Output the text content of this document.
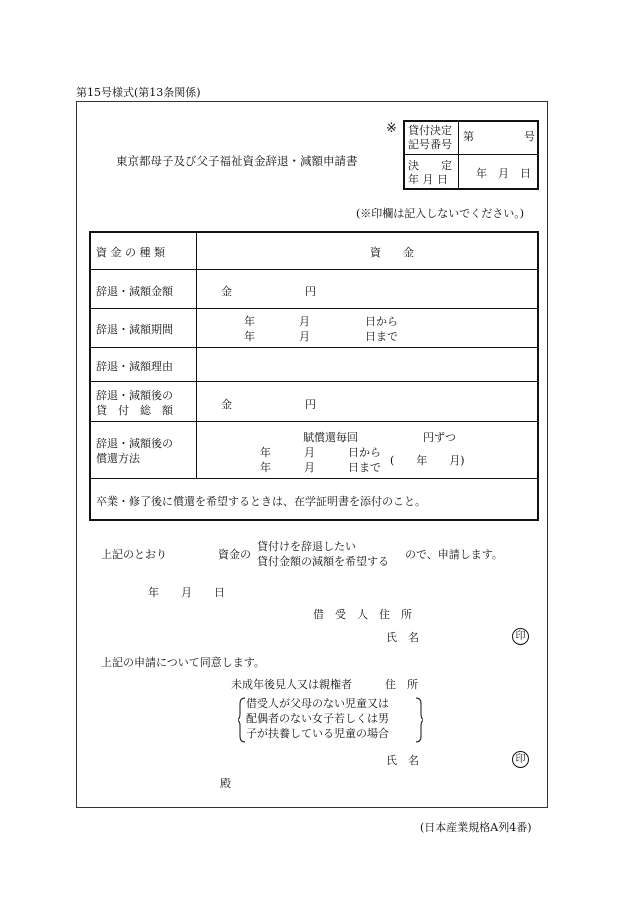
第15号様式(第13条関係)
※
東京都母子及び父子福祉資金辞退・減額申請書
貸付決定
記号番号
第	号
決　　定
年 月 日	年　月　日
(※印欄は記入しないでください。)
資 金 の 種 類	資　　金
辞退・減額金額	金	円
辞退・減額期間
年　　　　月　　　　　日から
年　　　　月　　　　　日まで
辞退・減額理由
辞退・減額後の
貸　付　総　額	金	円
辞退・減額後の
償還方法
賦償還毎回	円ずつ
年　　　月　　　日から
年　　　月　　　日まで
(　　年　　月)
卒業・修了後に償還を希望するときは、在学証明書を添付のこと。
上記のとおり	資金の
貸付けを辞退したい
貸付金額の減額を希望する
ので、申請します。
年　　月　　日
借　受　人　住　所
氏　名	印
上記の申請について同意します。
未成年後見人又は親権者	住　所
借受人が父母のない児童又は
配偶者のない女子若しくは男
子が扶養している児童の場合
氏　名	印
殿
(日本産業規格A列4番)
